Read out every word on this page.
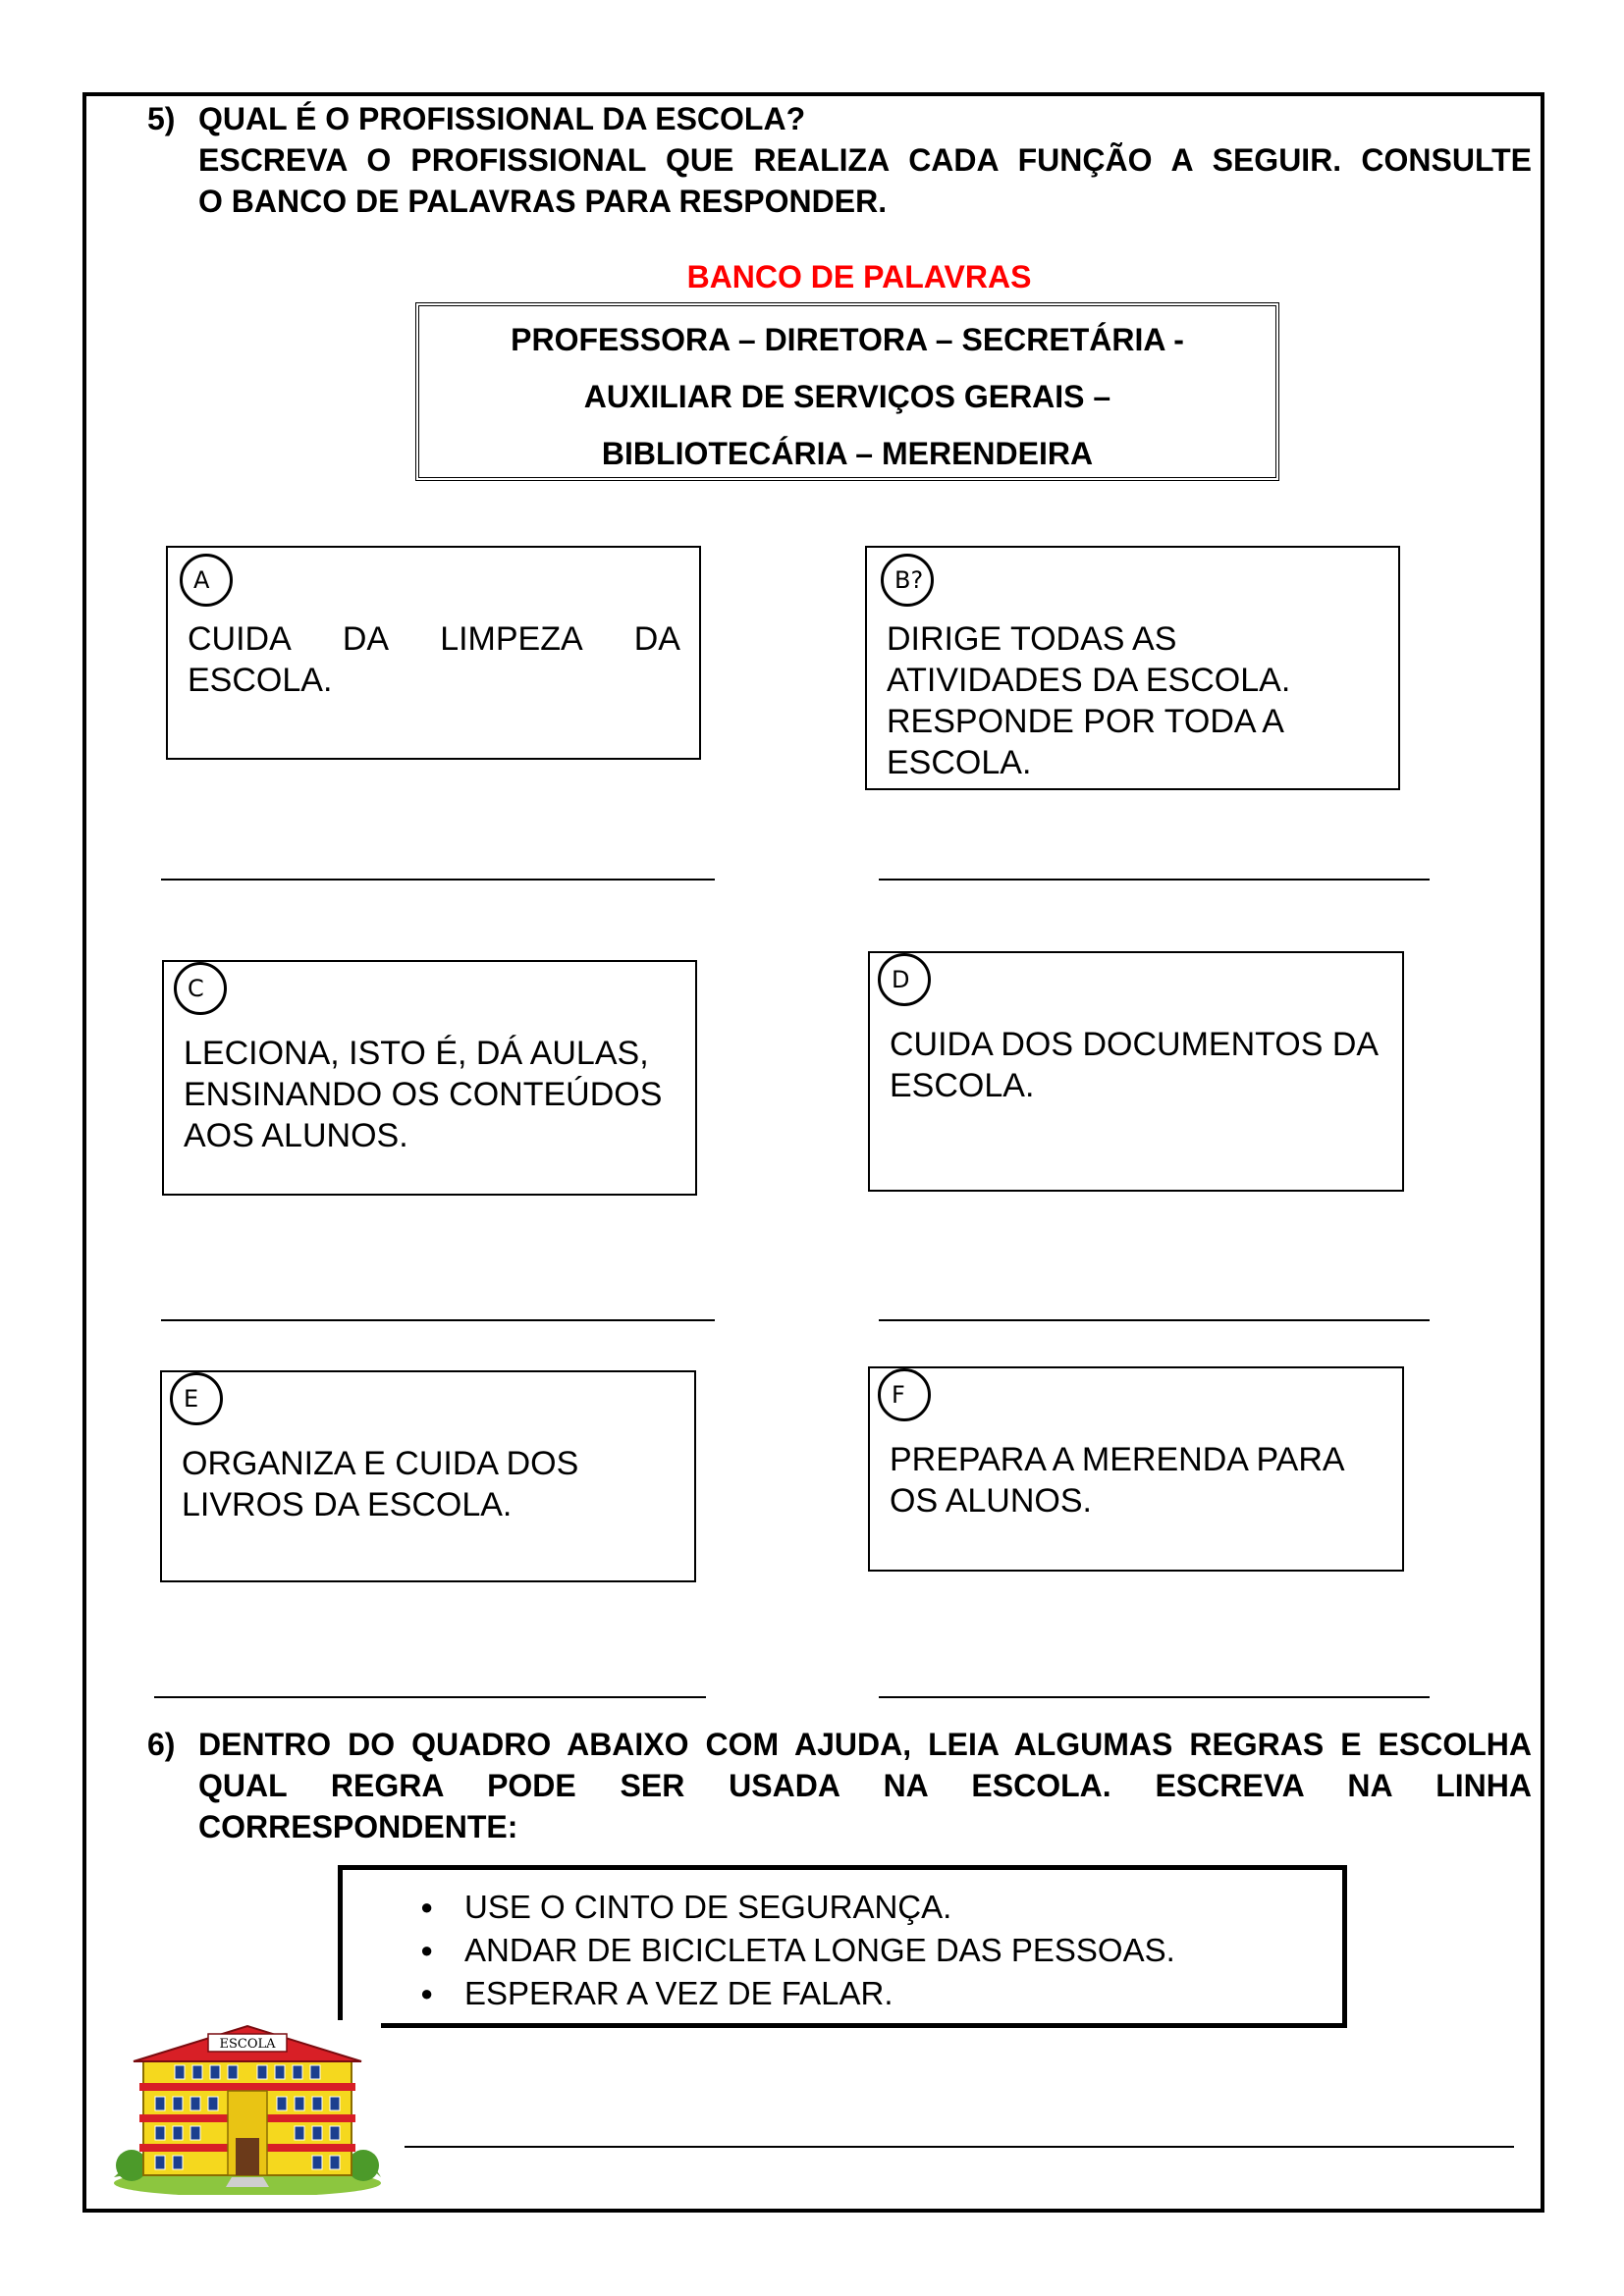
5) QUAL É O PROFISSIONAL DA ESCOLA?
ESCREVA O PROFISSIONAL QUE REALIZA CADA FUNÇÃO A SEGUIR. CONSULTE
O BANCO DE PALAVRAS PARA RESPONDER.
BANCO DE PALAVRAS
PROFESSORA – DIRETORA – SECRETÁRIA -
AUXILIAR DE SERVIÇOS GERAIS –
BIBLIOTECÁRIA – MERENDEIRA
A
CUIDA DA LIMPEZA DA
ESCOLA.
B?
DIRIGE TODAS AS
ATIVIDADES DA ESCOLA.
RESPONDE POR TODA A
ESCOLA.
C
LECIONA, ISTO É, DÁ AULAS,
ENSINANDO OS CONTEÚDOS
AOS ALUNOS.
D
CUIDA DOS DOCUMENTOS DA
ESCOLA.
E
ORGANIZA E CUIDA DOS
LIVROS DA ESCOLA.
F
PREPARA A MERENDA PARA
OS ALUNOS.
6) DENTRO DO QUADRO ABAIXO COM AJUDA, LEIA ALGUMAS REGRAS E ESCOLHA
QUAL REGRA PODE SER USADA NA ESCOLA. ESCREVA NA LINHA
CORRESPONDENTE:
● USE O CINTO DE SEGURANÇA.
● ANDAR DE BICICLETA LONGE DAS PESSOAS.
● ESPERAR A VEZ DE FALAR.
ESCOLA
